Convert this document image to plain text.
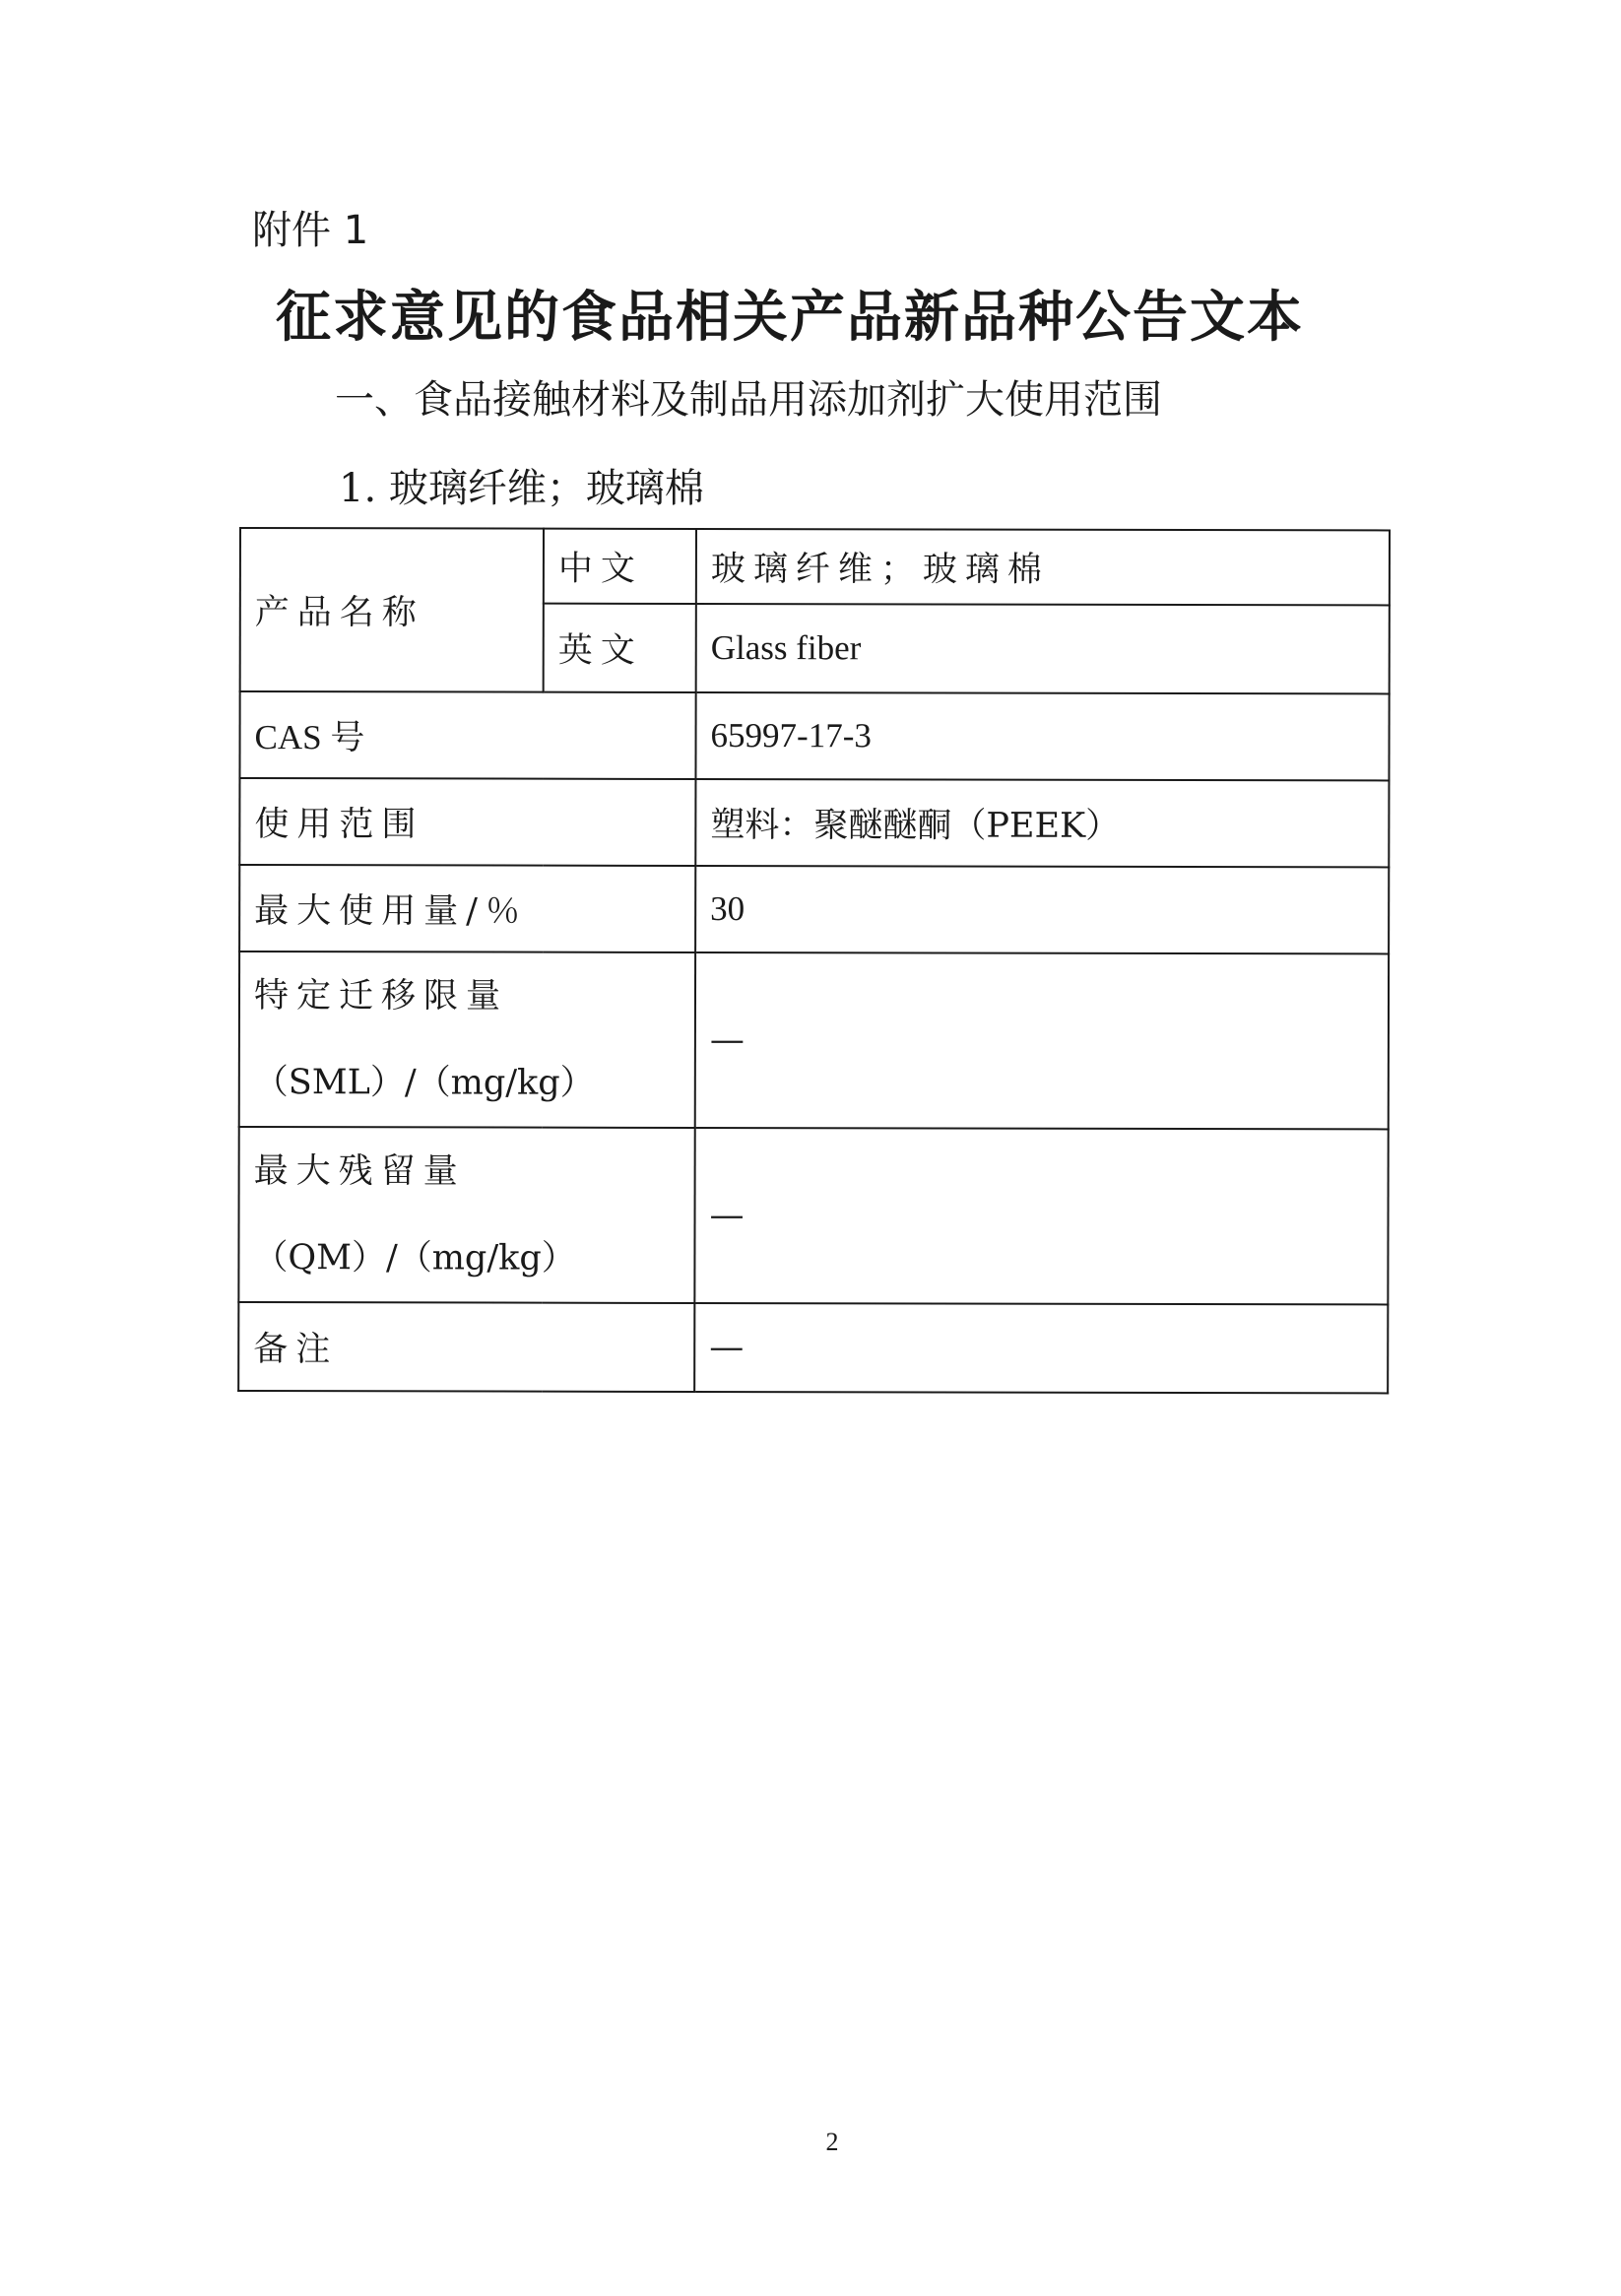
附件 1
征求意见的食品相关产品新品种公告文本
一、食品接触材料及制品用添加剂扩大使用范围
1. 玻璃纤维；玻璃棉
产品名称	中文	玻璃纤维；玻璃棉
	英文	Glass fiber
CAS 号		65997-17-3
使用范围		塑料：聚醚醚酮（PEEK）
最大使用量/％		30

特定迁移限量
（SML）/（mg/kg）		—

最大残留量
（QM）/（mg/kg）		—
备注		—
2
